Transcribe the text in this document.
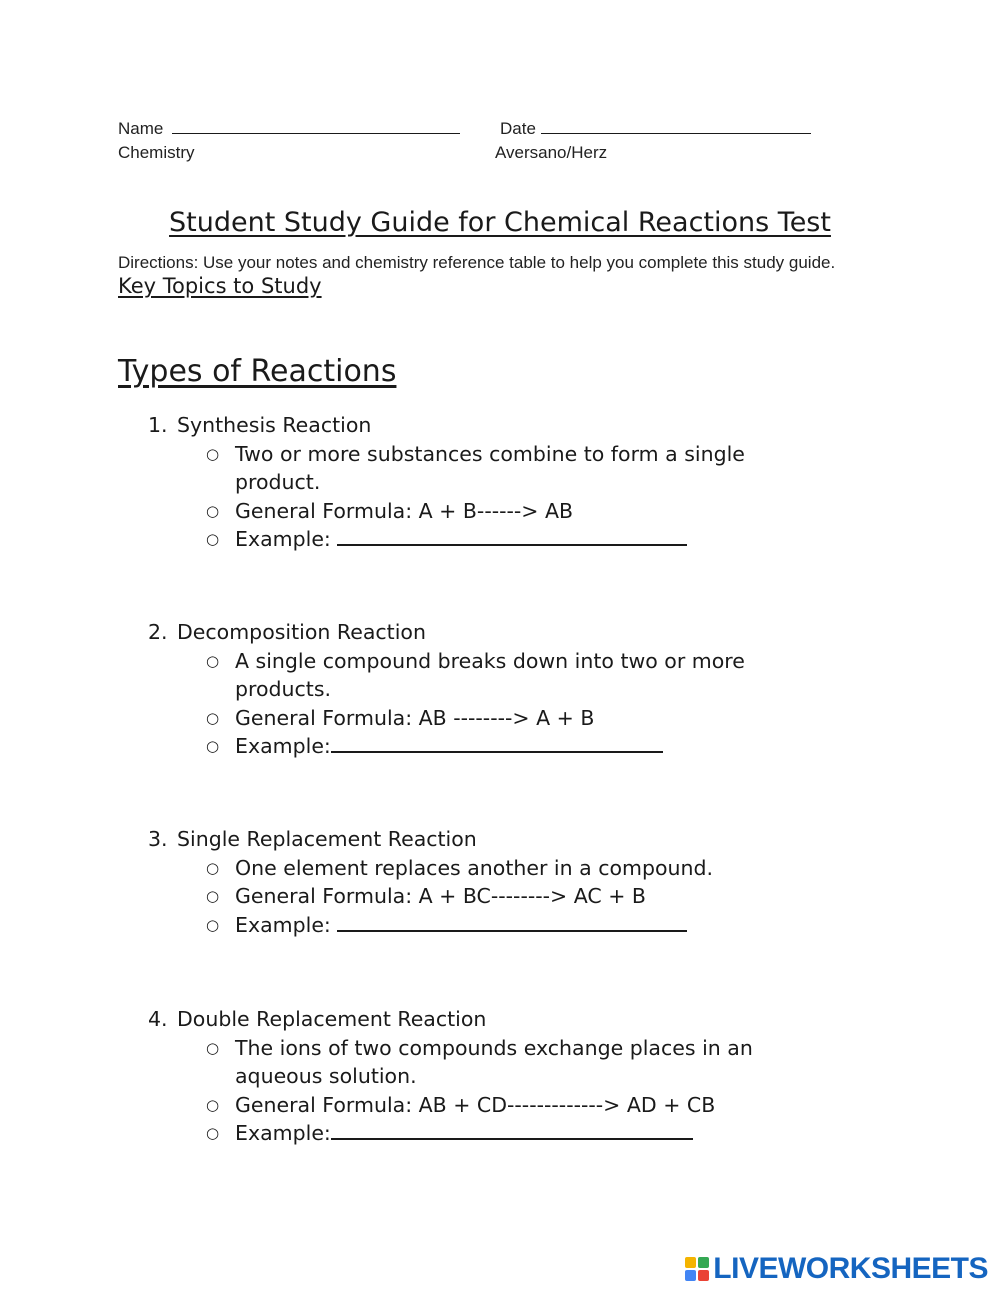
Name	Date
Chemistry	Aversano/Herz
Student Study Guide for Chemical Reactions Test
Directions: Use your notes and chemistry reference table to help you complete this study guide.
Key Topics to Study
Types of Reactions
1. Synthesis Reaction
○ Two or more substances combine to form a single
product.
○ General Formula: A + B------> AB
○ Example:
2. Decomposition Reaction
○ A single compound breaks down into two or more
products.
○ General Formula: AB --------> A + B
○ Example:
3. Single Replacement Reaction
○ One element replaces another in a compound.
○ General Formula: A + BC--------> AC + B
○ Example:
4. Double Replacement Reaction
○ The ions of two compounds exchange places in an
aqueous solution.
○ General Formula: AB + CD-------------> AD + CB
○ Example:
LIVEWORKSHEETS
